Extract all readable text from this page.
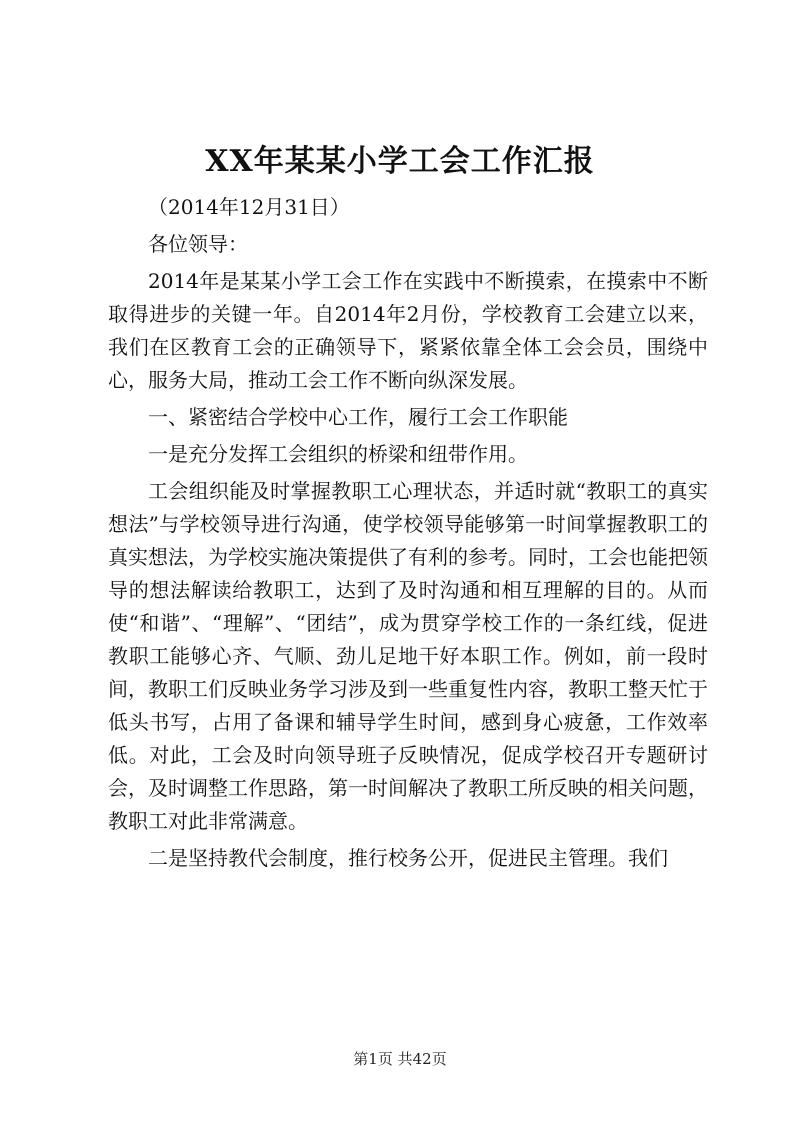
XX年某某小学工会工作汇报

（2014年12月31日）

各位领导：

2014年是某某小学工会工作在实践中不断摸索，在摸索中不断取得进步的关键一年。自2014年2月份，学校教育工会建立以来，我们在区教育工会的正确领导下，紧紧依靠全体工会会员，围绕中心，服务大局，推动工会工作不断向纵深发展。

一、紧密结合学校中心工作，履行工会工作职能

一是充分发挥工会组织的桥梁和纽带作用。

工会组织能及时掌握教职工心理状态，并适时就“教职工的真实想法”与学校领导进行沟通，使学校领导能够第一时间掌握教职工的真实想法，为学校实施决策提供了有利的参考。同时，工会也能把领导的想法解读给教职工，达到了及时沟通和相互理解的目的。从而使“和谐”、“理解”、“团结”，成为贯穿学校工作的一条红线，促进教职工能够心齐、气顺、劲儿足地干好本职工作。例如，前一段时间，教职工们反映业务学习涉及到一些重复性内容，教职工整天忙于低头书写，占用了备课和辅导学生时间，感到身心疲惫，工作效率低。对此，工会及时向领导班子反映情况，促成学校召开专题研讨会，及时调整工作思路，第一时间解决了教职工所反映的相关问题，教职工对此非常满意。

二是坚持教代会制度，推行校务公开，促进民主管理。我们

第1页 共42页
